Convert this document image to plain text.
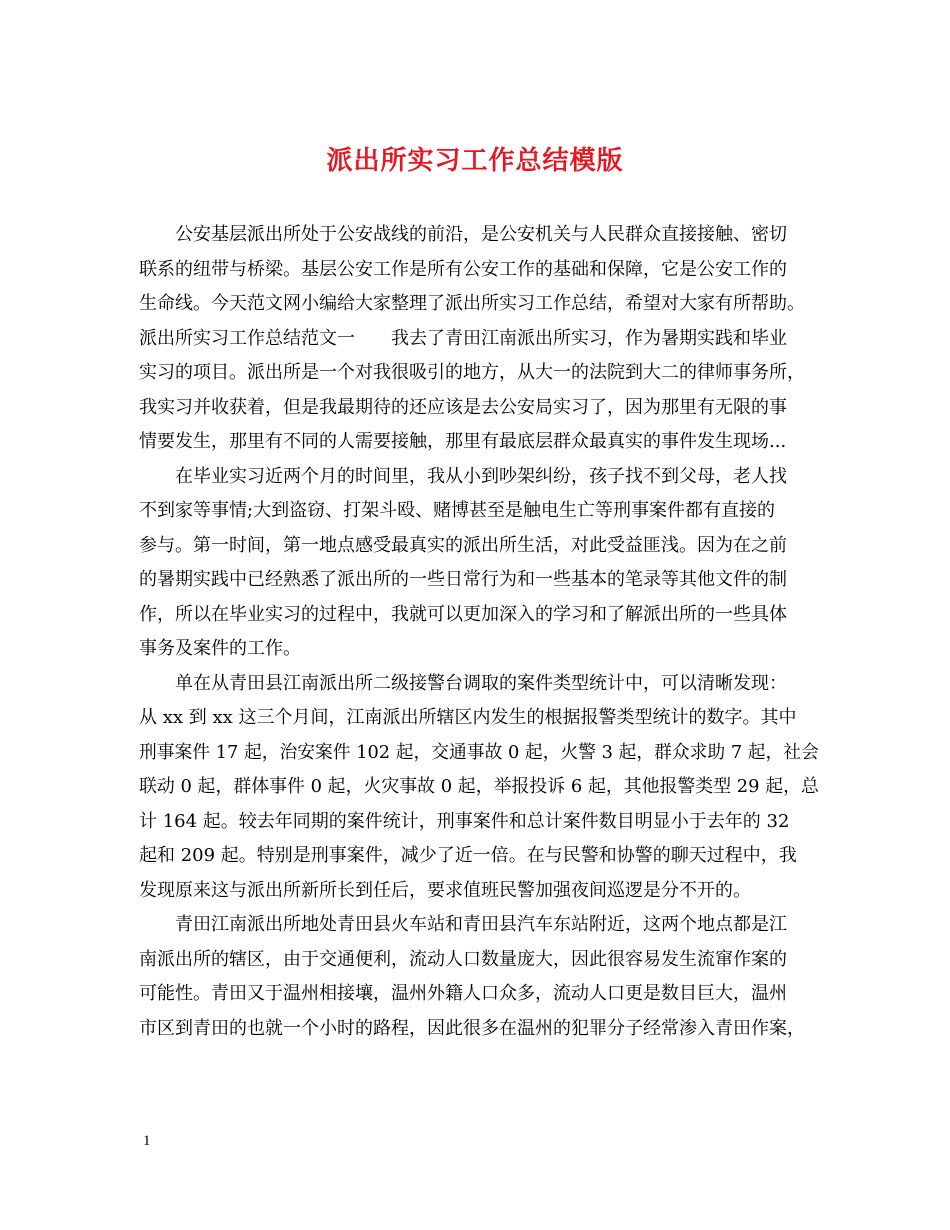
派出所实习工作总结模版
公安基层派出所处于公安战线的前沿，是公安机关与人民群众直接接触、密切
联系的纽带与桥梁。基层公安工作是所有公安工作的基础和保障，它是公安工作的
生命线。今天范文网小编给大家整理了派出所实习工作总结，希望对大家有所帮助。
派出所实习工作总结范文一　　我去了青田江南派出所实习，作为暑期实践和毕业
实习的项目。派出所是一个对我很吸引的地方，从大一的法院到大二的律师事务所，
我实习并收获着，但是我最期待的还应该是去公安局实习了，因为那里有无限的事
情要发生，那里有不同的人需要接触，那里有最底层群众最真实的事件发生现场...
在毕业实习近两个月的时间里，我从小到吵架纠纷，孩子找不到父母，老人找
不到家等事情;大到盗窃、打架斗殴、赌博甚至是触电生亡等刑事案件都有直接的
参与。第一时间，第一地点感受最真实的派出所生活，对此受益匪浅。因为在之前
的暑期实践中已经熟悉了派出所的一些日常行为和一些基本的笔录等其他文件的制
作，所以在毕业实习的过程中，我就可以更加深入的学习和了解派出所的一些具体
事务及案件的工作。
单在从青田县江南派出所二级接警台调取的案件类型统计中，可以清晰发现：
从 xx 到 xx 这三个月间，江南派出所辖区内发生的根据报警类型统计的数字。其中
刑事案件 17 起，治安案件 102 起，交通事故 0 起，火警 3 起，群众求助 7 起，社会
联动 0 起，群体事件 0 起，火灾事故 0 起，举报投诉 6 起，其他报警类型 29 起，总
计 164 起。较去年同期的案件统计，刑事案件和总计案件数目明显小于去年的 32
起和 209 起。特别是刑事案件，减少了近一倍。在与民警和协警的聊天过程中，我
发现原来这与派出所新所长到任后，要求值班民警加强夜间巡逻是分不开的。
青田江南派出所地处青田县火车站和青田县汽车东站附近，这两个地点都是江
南派出所的辖区，由于交通便利，流动人口数量庞大，因此很容易发生流窜作案的
可能性。青田又于温州相接壤，温州外籍人口众多，流动人口更是数目巨大，温州
市区到青田的也就一个小时的路程，因此很多在温州的犯罪分子经常渗入青田作案，
1
